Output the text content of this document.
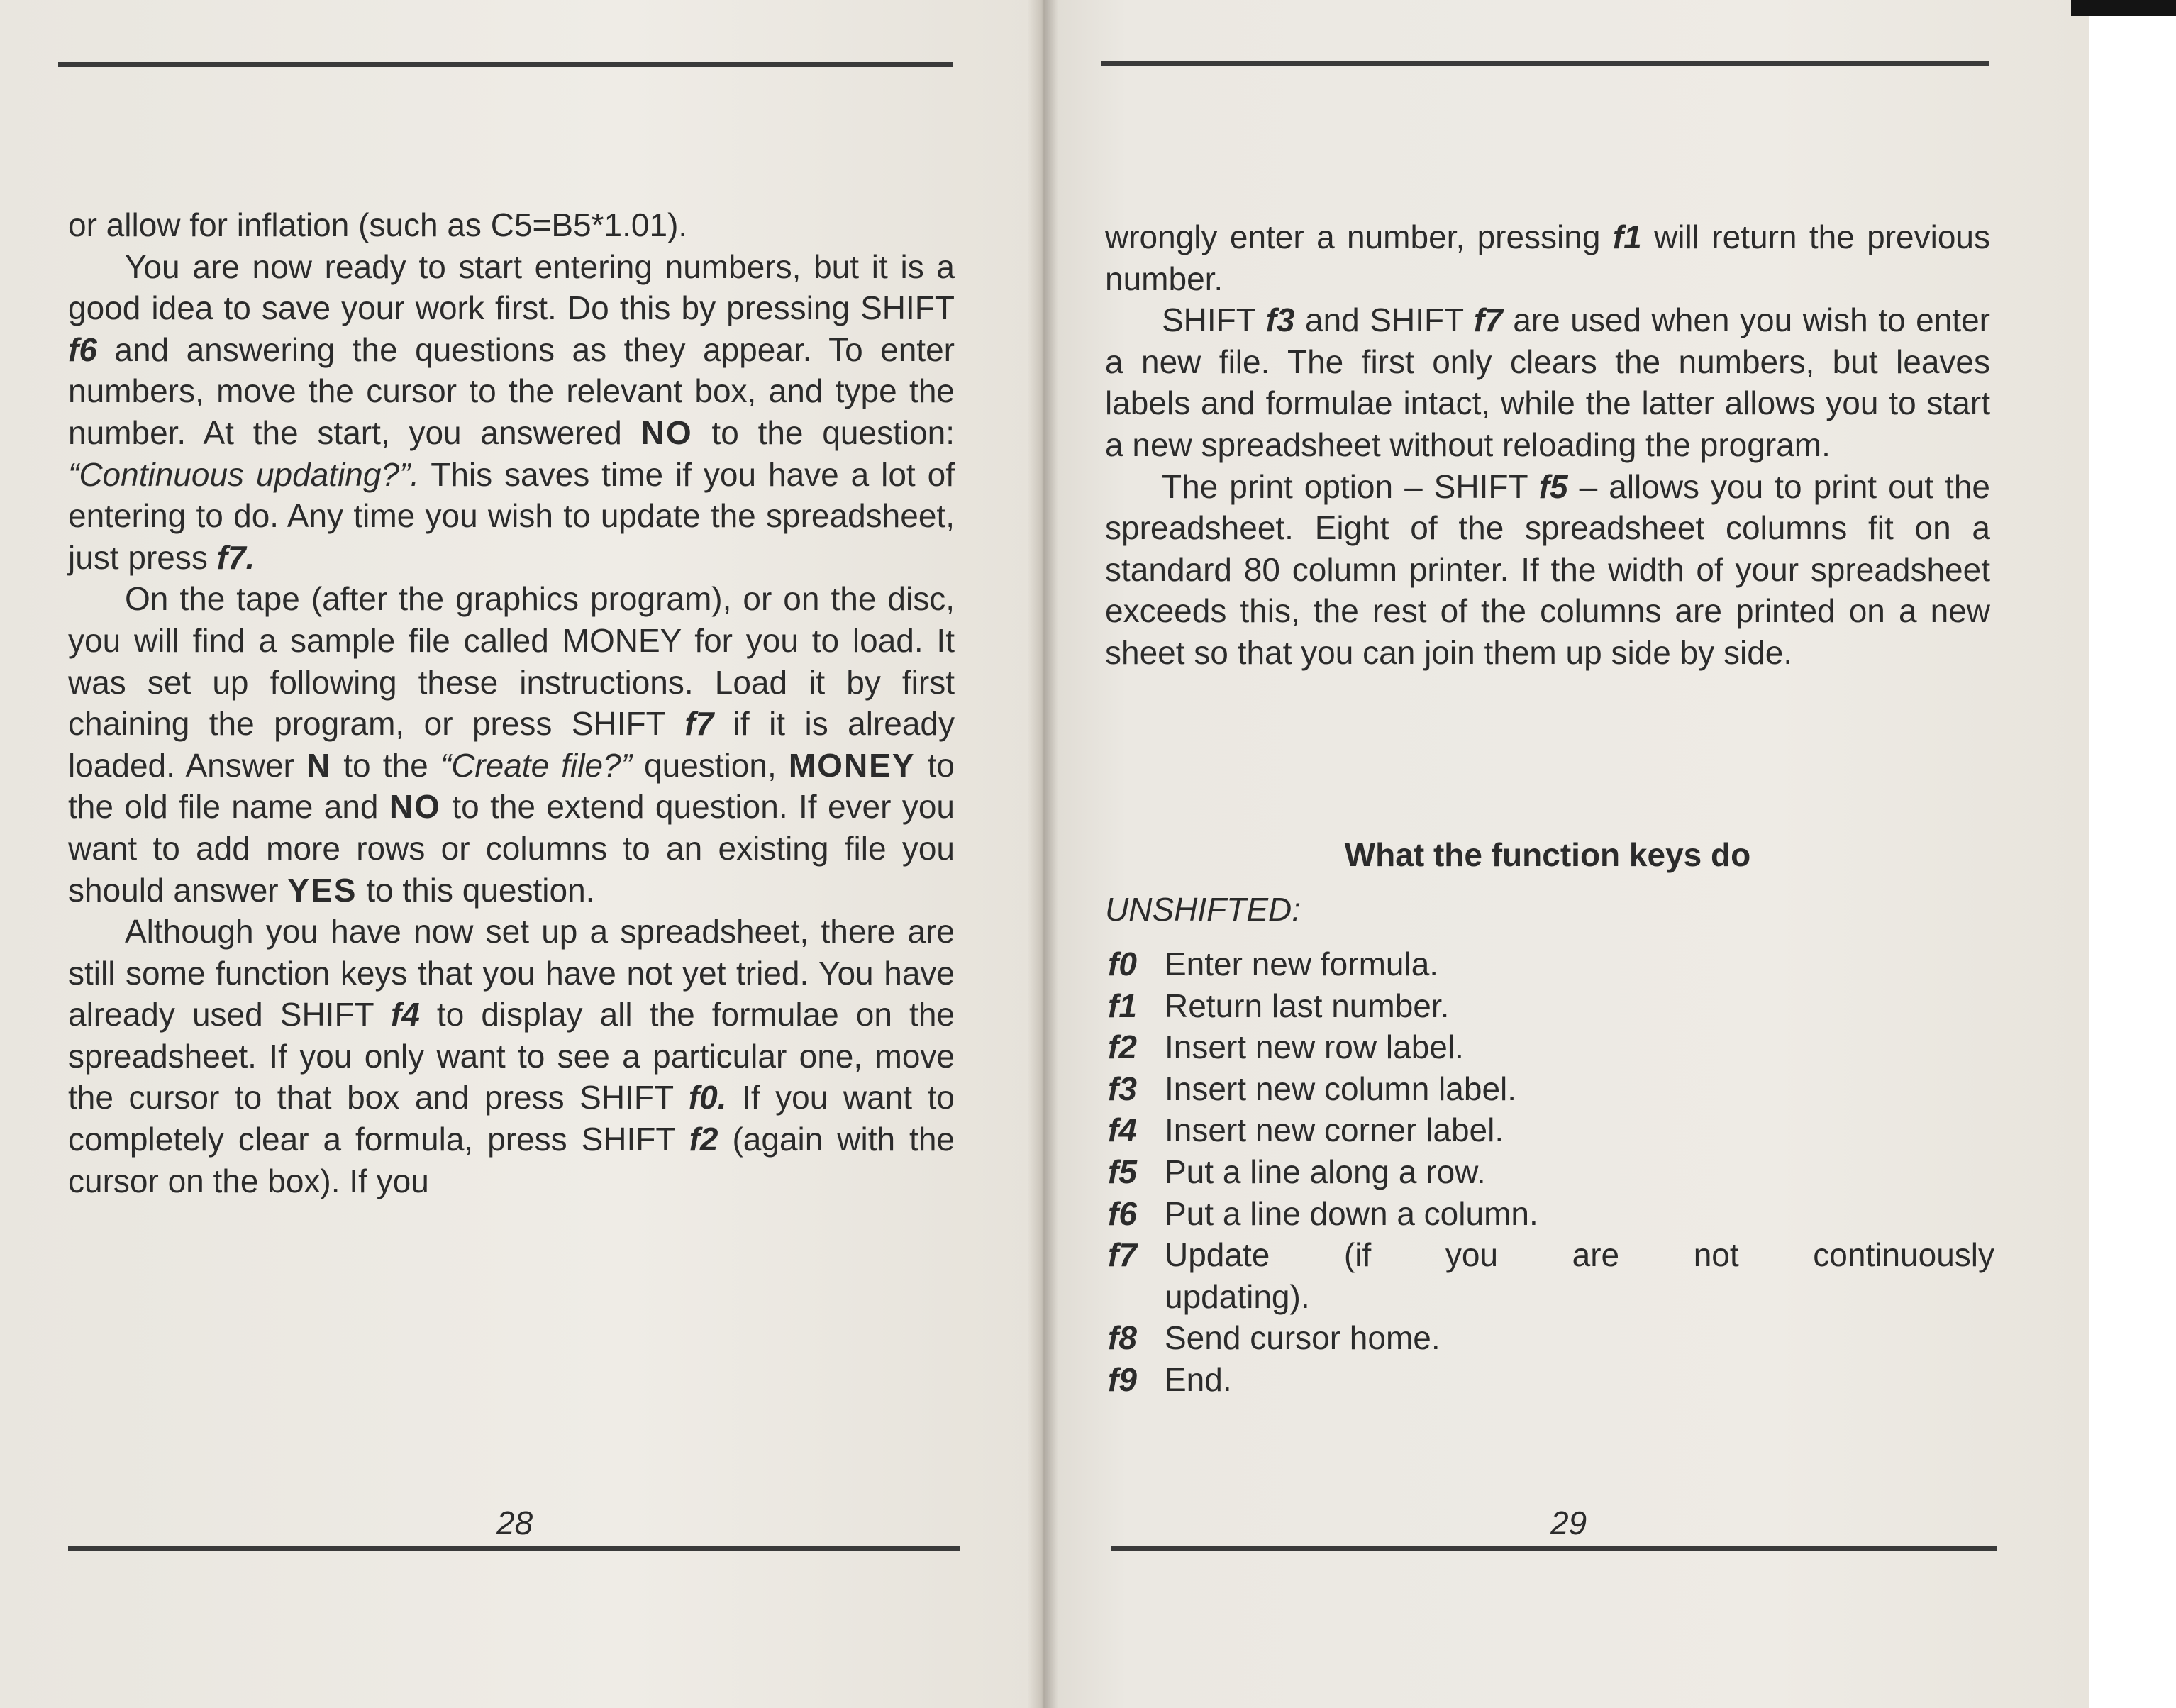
or allow for inflation (such as C5=B5*1.01).

You are now ready to start entering numbers, but it is a good idea to save your work first. Do this by pressing SHIFT f6 and answering the questions as they appear. To enter numbers, move the cursor to the relevant box, and type the number. At the start, you answered NO to the question: “Continuous updating?”. This saves time if you have a lot of entering to do. Any time you wish to update the spreadsheet, just press f7.

On the tape (after the graphics program), or on the disc, you will find a sample file called MONEY for you to load. It was set up following these instructions. Load it by first chaining the program, or press SHIFT f7 if it is already loaded. Answer N to the “Create file?” question, MONEY to the old file name and NO to the extend question. If ever you want to add more rows or columns to an existing file you should answer YES to this question.

Although you have now set up a spreadsheet, there are still some function keys that you have not yet tried. You have already used SHIFT f4 to display all the formulae on the spreadsheet. If you only want to see a particular one, move the cursor to that box and press SHIFT f0. If you want to completely clear a formula, press SHIFT f2 (again with the cursor on the box). If you

wrongly enter a number, pressing f1 will return the previous number.

SHIFT f3 and SHIFT f7 are used when you wish to enter a new file. The first only clears the numbers, but leaves labels and formulae intact, while the latter allows you to start a new spreadsheet without reloading the program.

The print option – SHIFT f5 – allows you to print out the spreadsheet. Eight of the spreadsheet columns fit on a standard 80 column printer. If the width of your spreadsheet exceeds this, the rest of the columns are printed on a new sheet so that you can join them up side by side.

What the function keys do
UNSHIFTED:
f0 Enter new formula.
f1 Return last number.
f2 Insert new row label.
f3 Insert new column label.
f4 Insert new corner label.
f5 Put a line along a row.
f6 Put a line down a column.
f7 Update (if you are not continuously
updating).
f8 Send cursor home.
f9 End.
28	29
